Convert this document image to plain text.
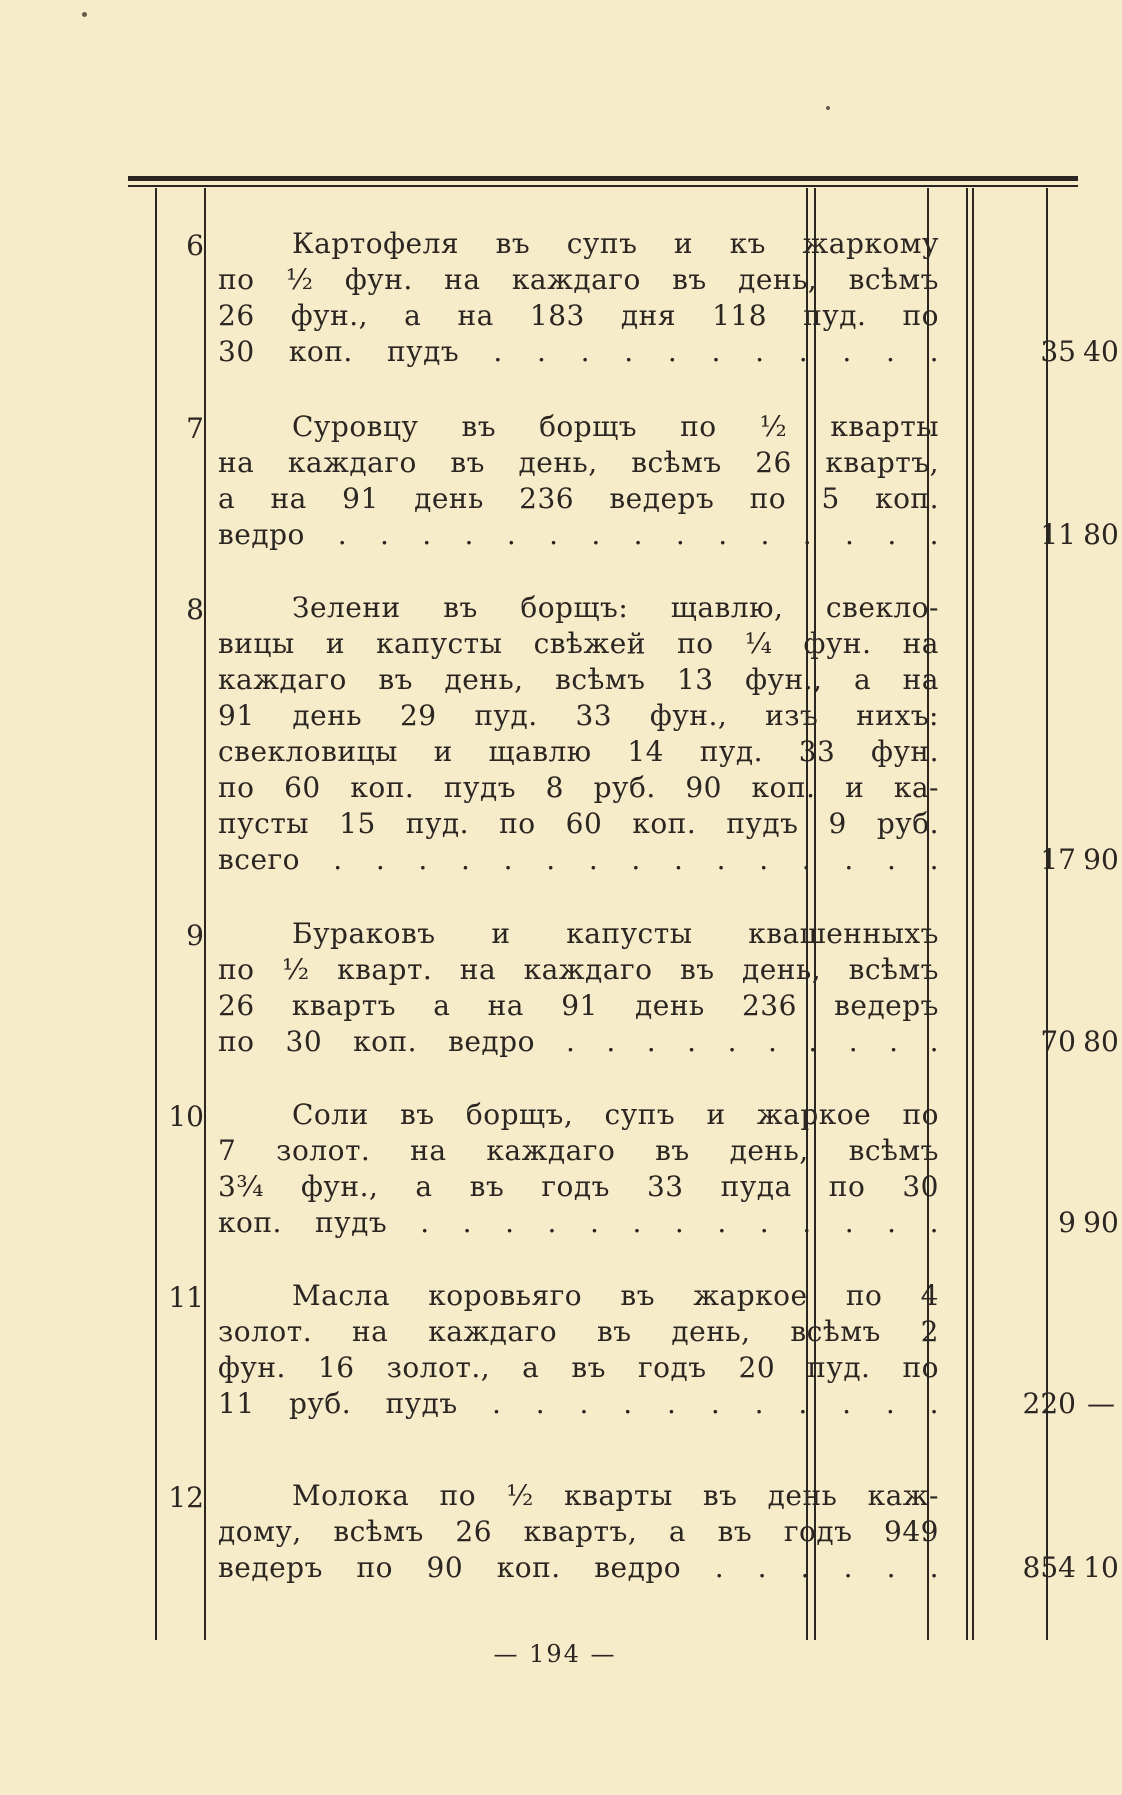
6	Картофеля въ супъ и къ жаркому
по ½ фун. на каждаго въ день, всѣмъ
26 фун., а на 183 дня 118 пуд. по
30 коп. пудъ . . . . . . . . . . .	35 40
7	Суровцу въ борщъ по ½ кварты
на каждаго въ день, всѣмъ 26 квартъ,
а на 91 день 236 ведеръ по 5 коп.
ведро . . . . . . . . . . . . . . .	11 80
8	Зелени въ борщъ: щавлю, свекло-
вицы и капусты свѣжей по ¼ фун. на
каждаго въ день, всѣмъ 13 фун., а на
91 день 29 пуд. 33 фун., изъ нихъ:
свекловицы и щавлю 14 пуд. 33 фун.
по 60 коп. пудъ 8 руб. 90 коп. и ка-
пусты 15 пуд. по 60 коп. пудъ 9 руб.
всего . . . . . . . . . . . . . . .	17 90
9	Бураковъ и капусты квашенныхъ
по ½ кварт. на каждаго въ день, всѣмъ
26 квартъ а на 91 день 236 ведеръ
по 30 коп. ведро . . . . . . . . . .	70 80
10	Соли въ борщъ, супъ и жаркое по
7 золот. на каждаго въ день, всѣмъ
3¾ фун., а въ годъ 33 пуда по 30
коп. пудъ . . . . . . . . . . . . .	9 90
11	Масла коровьяго въ жаркое по 4
золот. на каждаго въ день, всѣмъ 2
фун. 16 золот., а въ годъ 20 пуд. по
11 руб. пудъ . . . . . . . . . . .	220 —
12	Молока по ½ кварты въ день каж-
дому, всѣмъ 26 квартъ, а въ годъ 949
ведеръ по 90 коп. ведро . . . . . .	854 10
— 194 —
